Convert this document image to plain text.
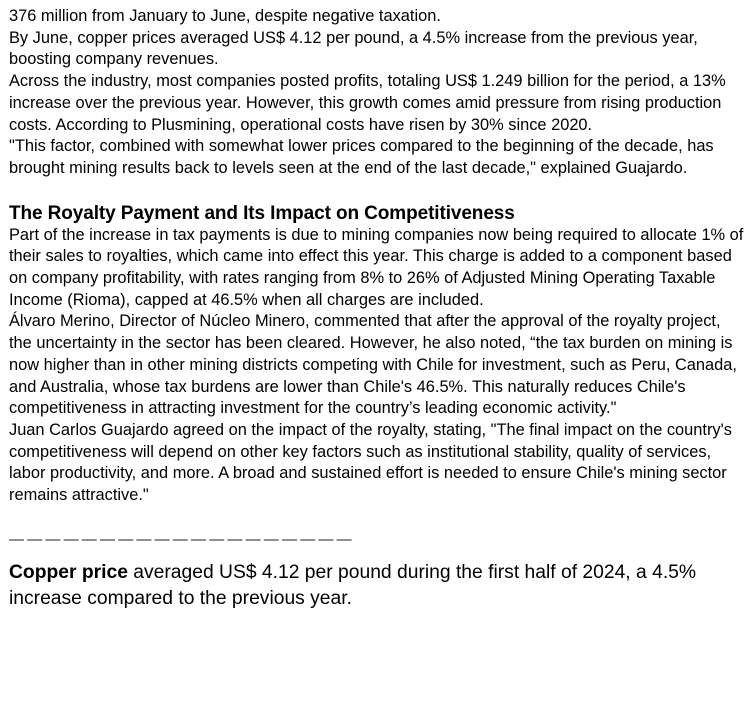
376 million from January to June, despite negative taxation.

By June, copper prices averaged US$ 4.12 per pound, a 4.5% increase from the previous year, boosting company revenues.

Across the industry, most companies posted profits, totaling US$ 1.249 billion for the period, a 13% increase over the previous year. However, this growth comes amid pressure from rising production costs. According to Plusmining, operational costs have risen by 30% since 2020.

"This factor, combined with somewhat lower prices compared to the beginning of the decade, has brought mining results back to levels seen at the end of the last decade," explained Guajardo.

The Royalty Payment and Its Impact on Competitiveness

Part of the increase in tax payments is due to mining companies now being required to allocate 1% of their sales to royalties, which came into effect this year. This charge is added to a component based on company profitability, with rates ranging from 8% to 26% of Adjusted Mining Operating Taxable Income (Rioma), capped at 46.5% when all charges are included.

Álvaro Merino, Director of Núcleo Minero, commented that after the approval of the royalty project, the uncertainty in the sector has been cleared. However, he also noted, “the tax burden on mining is now higher than in other mining districts competing with Chile for investment, such as Peru, Canada, and Australia, whose tax burdens are lower than Chile's 46.5%. This naturally reduces Chile's competitiveness in attracting investment for the country’s leading economic activity."

Juan Carlos Guajardo agreed on the impact of the royalty, stating, "The final impact on the country's competitiveness will depend on other key factors such as institutional stability, quality of services, labor productivity, and more. A broad and sustained effort is needed to ensure Chile's mining sector remains attractive."

———————————————————

Copper price averaged US$ 4.12 per pound during the first half of 2024, a 4.5% increase compared to the previous year.
